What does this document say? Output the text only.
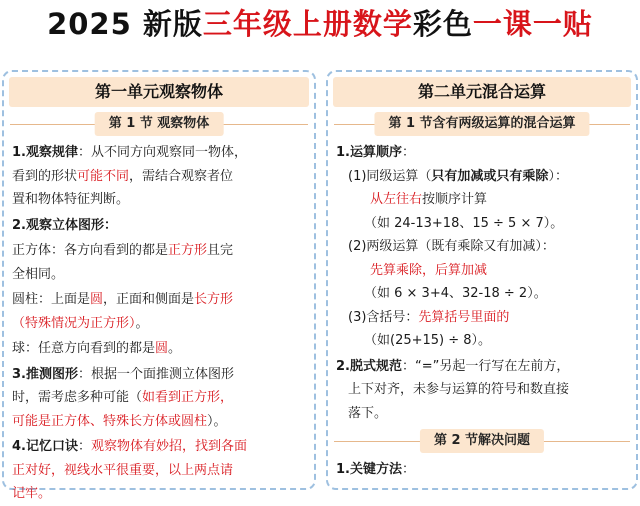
2025 新版三年级上册数学彩色一课一贴
第一单元观察物体
第 1 节 观察物体

1.观察规律：从不同方向观察同一物体，

看到的形状可能不同，需结合观察者位

置和物体特征判断。

2.观察立体图形：

正方体：各方向看到的都是正方形且完

全相同。

圆柱：上面是圆，正面和侧面是长方形

（特殊情况为正方形）。

球：任意方向看到的都是圆。

3.推测图形：根据一个面推测立体图形

时，需考虑多种可能（如看到正方形，

可能是正方体、特殊长方体或圆柱）。

4.记忆口诀：观察物体有妙招，找到各面

正对好，视线水平很重要，以上两点请

记牢。

第二单元混合运算
第 1 节含有两级运算的混合运算

1.运算顺序：

(1)同级运算（只有加减或只有乘除）：

从左往右按顺序计算

（如 24-13+18、15 ÷ 5 × 7）。

(2)两级运算（既有乘除又有加减）：

先算乘除，后算加减

（如 6 × 3+4、32-18 ÷ 2）。

(3)含括号：先算括号里面的

（如(25+15) ÷ 8）。

2.脱式规范：“=”另起一行写在左前方，

上下对齐，未参与运算的符号和数直接

落下。

第 2 节解决问题

1.关键方法：
